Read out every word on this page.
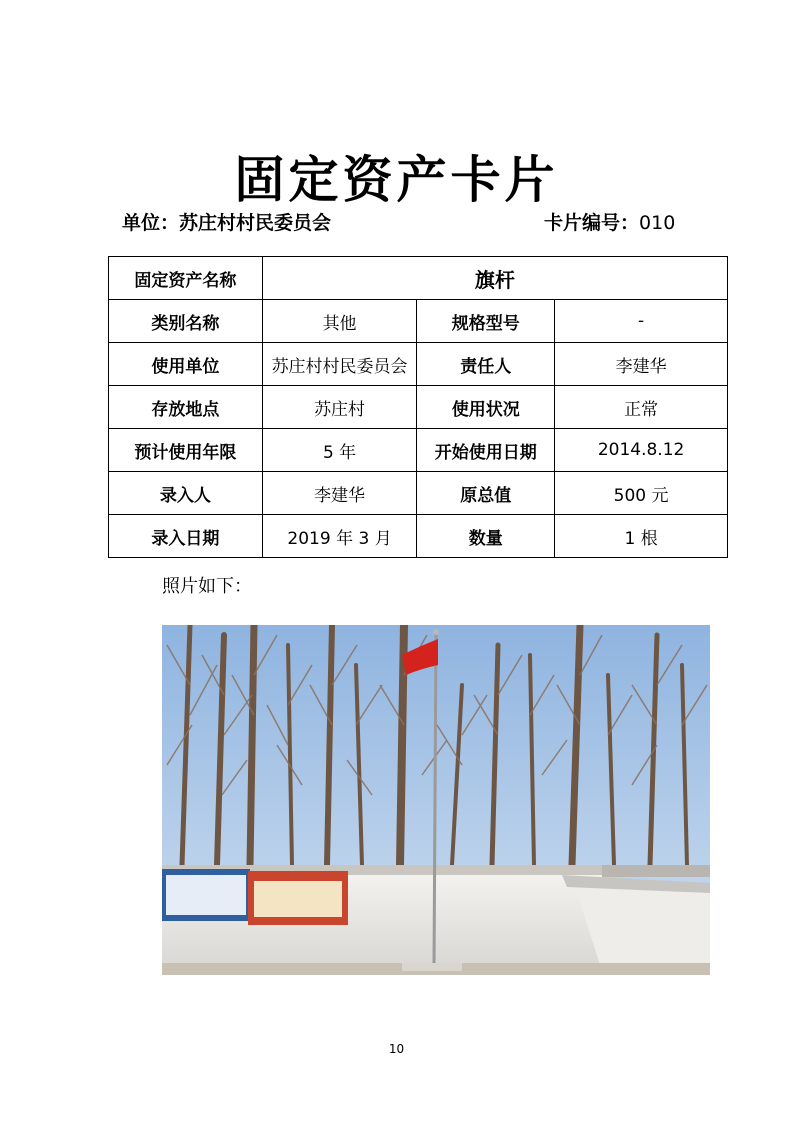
固定资产卡片
单位：苏庄村村民委员会	卡片编号：010
固定资产名称	旗杆		
类别名称	其他	规格型号	-
使用单位	苏庄村村民委员会	责任人	李建华
存放地点	苏庄村	使用状况	正常
预计使用年限	5 年	开始使用日期	2014.8.12
录入人	李建华	原总值	500 元
录入日期	2019 年 3 月	数量	1 根
照片如下：
10
